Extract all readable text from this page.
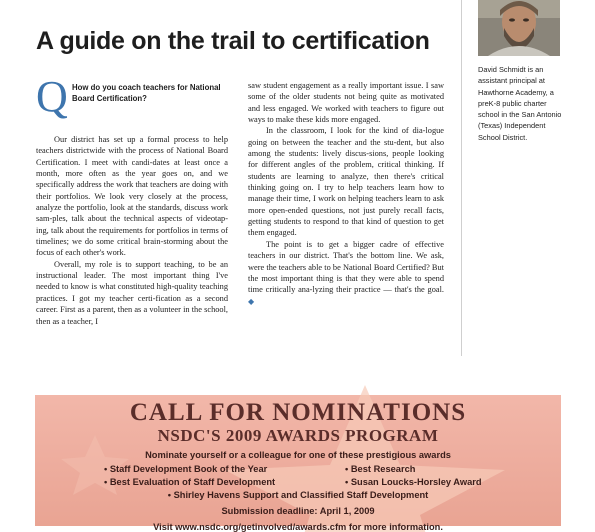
A guide on the trail to certification
David Schmidt is an assistant principal at Hawthorne Academy, a preK-8 public charter school in the San Antonio (Texas) Independent School District.
Q How do you coach teachers for National Board Certification?

Our district has set up a formal process to help teachers districtwide with the process of National Board Certification. I meet with candi-dates at least once a month, more often as the year goes on, and we specifically address the work that teachers are doing with their portfolios. We look very closely at the process, analyze the portfolio, look at the standards, discuss work sam-ples, talk about the technical aspects of videotap-ing, talk about the requirements for portfolios in terms of timelines; we do some critical brain-storming about the focus of each other's work.

Overall, my role is to support teaching, to be an instructional leader. The most important thing I've needed to know is what constituted high-quality teaching practices. I got my teacher certi-fication as a second career. First as a parent, then as a volunteer in the school, then as a teacher, I

saw student engagement as a really important issue. I saw some of the older students not being quite as motivated and less engaged. We worked with teachers to figure out ways to make these kids more engaged.

In the classroom, I look for the kind of dia-logue going on between the teacher and the stu-dent, but also among the students: lively discus-sions, people looking for different angles of the problem, critical thinking. If students are learning to analyze, then there's critical thinking going on. I try to help teachers learn how to manage their time, I work on helping teachers learn to ask more open-ended questions, not just purely recall facts, getting students to respond to that kind of question to get them engaged.

The point is to get a bigger cadre of effective teachers in our district. That's the bottom line. We ask, were the teachers able to be National Board Certified? But the most important thing is that they were able to spend time critically ana-lyzing their practice — that's the goal. ◆

CALL FOR NOMINATIONS
NSDC'S 2009 AWARDS PROGRAM
Nominate yourself or a colleague for one of these prestigious awards
• Staff Development Book of the Year	• Best Research
• Best Evaluation of Staff Development	• Susan Loucks-Horsley Award
• Shirley Havens Support and Classified Staff Development
Submission deadline: April 1, 2009
Visit www.nsdc.org/getinvolved/awards.cfm for more information.
